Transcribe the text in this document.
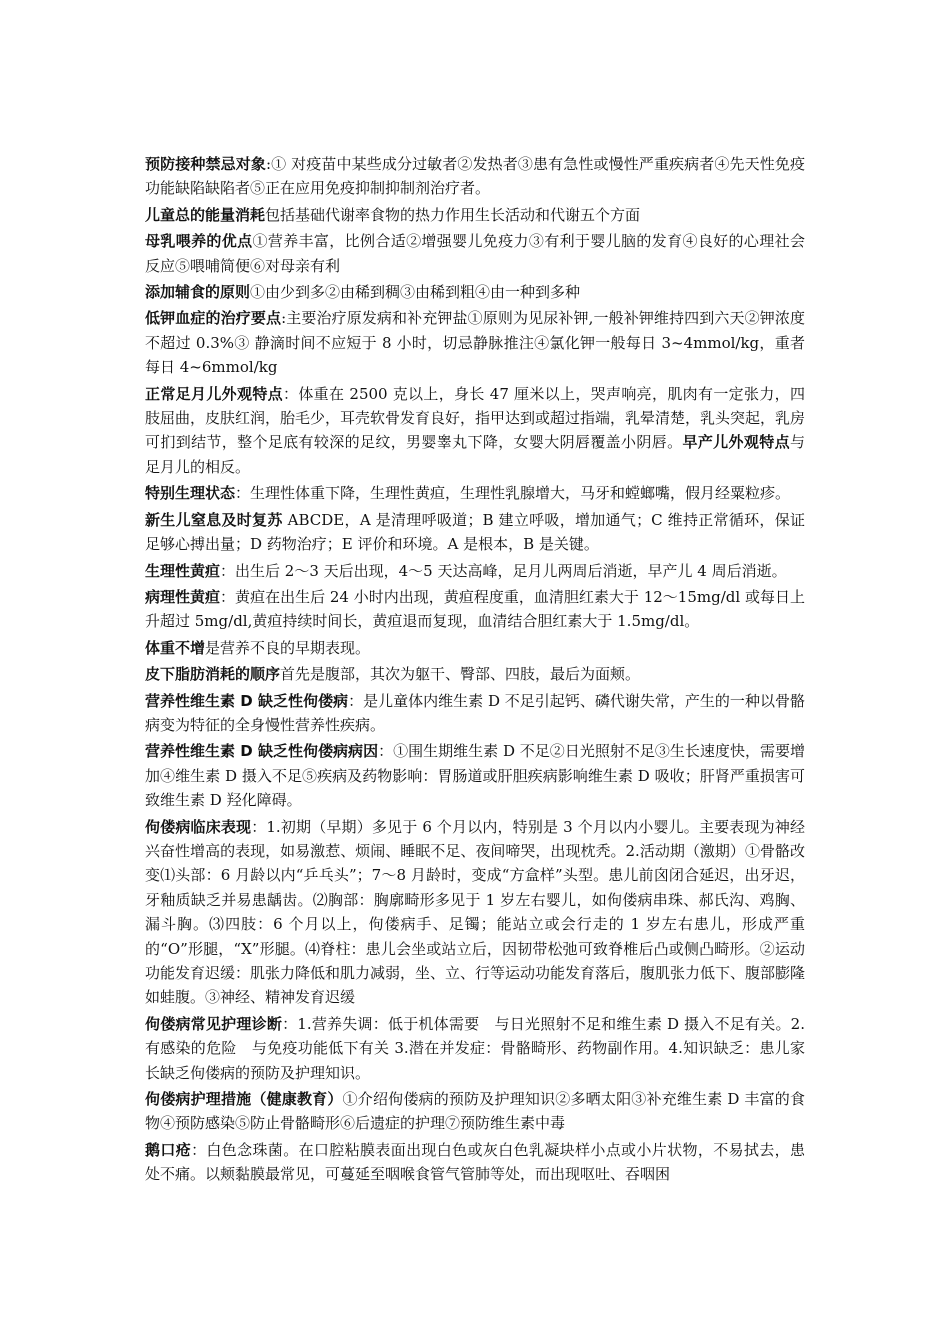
预防接种禁忌对象:① 对疫苗中某些成分过敏者②发热者③患有急性或慢性严重疾病者④先天性免疫功能缺陷缺陷者⑤正在应用免疫抑制抑制剂治疗者。

儿童总的能量消耗包括基础代谢率食物的热力作用生长活动和代谢五个方面

母乳喂养的优点①营养丰富，比例合适②增强婴儿免疫力③有利于婴儿脑的发育④良好的心理社会反应⑤喂哺简便⑥对母亲有利

添加辅食的原则①由少到多②由稀到稠③由稀到粗④由一种到多种

低钾血症的治疗要点:主要治疗原发病和补充钾盐①原则为见尿补钾,一般补钾维持四到六天②钾浓度不超过 0.3%③ 静滴时间不应短于 8 小时，切忌静脉推注④氯化钾一般每日 3~4mmol/kg，重者每日 4~6mmol/kg

正常足月儿外观特点：体重在 2500 克以上，身长 47 厘米以上，哭声响亮，肌肉有一定张力，四肢屈曲，皮肤红润，胎毛少，耳壳软骨发育良好，指甲达到或超过指端，乳晕清楚，乳头突起，乳房可扪到结节，整个足底有较深的足纹，男婴睾丸下降，女婴大阴唇覆盖小阴唇。早产儿外观特点与足月儿的相反。

特别生理状态：生理性体重下降，生理性黄疸，生理性乳腺增大，马牙和螳螂嘴，假月经粟粒疹。

新生儿窒息及时复苏 ABCDE，A 是清理呼吸道；B 建立呼吸，增加通气；C 维持正常循环，保证足够心搏出量；D 药物治疗；E 评价和环境。A 是根本，B 是关键。

生理性黄疸：出生后 2～3 天后出现，4～5 天达高峰，足月儿两周后消逝，早产儿 4 周后消逝。

病理性黄疸：黄疸在出生后 24 小时内出现，黄疸程度重，血清胆红素大于 12～15mg/dl 或每日上升超过 5mg/dl,黄疸持续时间长，黄疸退而复现，血清结合胆红素大于 1.5mg/dl。

体重不增是营养不良的早期表现。

皮下脂肪消耗的顺序首先是腹部，其次为躯干、臀部、四肢，最后为面颊。

营养性维生素 D 缺乏性佝偻病：是儿童体内维生素 D 不足引起钙、磷代谢失常，产生的一种以骨骼病变为特征的全身慢性营养性疾病。

营养性维生素 D 缺乏性佝偻病病因：①围生期维生素 D 不足②日光照射不足③生长速度快，需要增加④维生素 D 摄入不足⑤疾病及药物影响：胃肠道或肝胆疾病影响维生素 D 吸收；肝肾严重损害可致维生素 D 羟化障碍。

佝偻病临床表现：1.初期（早期）多见于 6 个月以内，特别是 3 个月以内小婴儿。主要表现为神经兴奋性增高的表现，如易激惹、烦闹、睡眠不足、夜间啼哭，出现枕秃。2.活动期（激期）①骨骼改变⑴头部：6 月龄以内“乒乓头”；7～8 月龄时，变成“方盒样”头型。患儿前囟闭合延迟，出牙迟，牙釉质缺乏并易患龋齿。⑵胸部：胸廓畸形多见于 1 岁左右婴儿，如佝偻病串珠、郝氏沟、鸡胸、漏斗胸。⑶四肢：6 个月以上，佝偻病手、足镯；能站立或会行走的 1 岁左右患儿，形成严重的“O”形腿，“X”形腿。⑷脊柱：患儿会坐或站立后，因韧带松弛可致脊椎后凸或侧凸畸形。②运动功能发育迟缓：肌张力降低和肌力减弱，坐、立、行等运动功能发育落后，腹肌张力低下、腹部膨隆如蛙腹。③神经、精神发育迟缓

佝偻病常见护理诊断：1.营养失调：低于机体需要　与日光照射不足和维生素 D 摄入不足有关。2.有感染的危险　与免疫功能低下有关 3.潜在并发症：骨骼畸形、药物副作用。4.知识缺乏：患儿家长缺乏佝偻病的预防及护理知识。

佝偻病护理措施（健康教育）①介绍佝偻病的预防及护理知识②多晒太阳③补充维生素 D 丰富的食物④预防感染⑤防止骨骼畸形⑥后遗症的护理⑦预防维生素中毒

鹅口疮：白色念珠菌。在口腔粘膜表面出现白色或灰白色乳凝块样小点或小片状物，不易拭去，患处不痛。以颊黏膜最常见，可蔓延至咽喉食管气管肺等处，而出现呕吐、吞咽困
